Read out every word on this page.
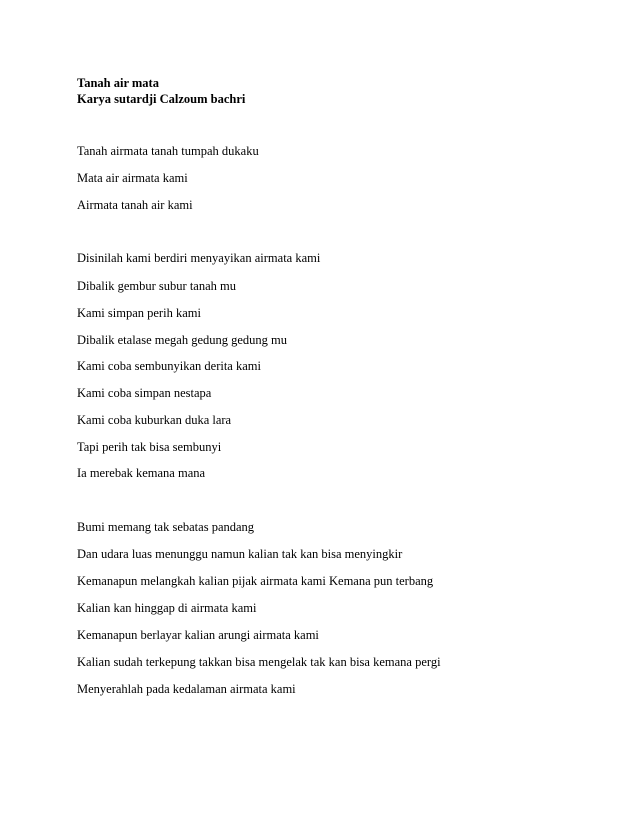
Tanah air mata
Karya sutardji Calzoum bachri
Tanah airmata tanah tumpah dukaku
Mata air airmata kami
Airmata tanah air kami
Disinilah kami berdiri menyayikan airmata kami
Dibalik gembur subur tanah mu
Kami simpan perih kami
Dibalik etalase megah gedung gedung mu
Kami coba sembunyikan derita kami
Kami coba simpan nestapa
Kami coba kuburkan duka lara
Tapi perih tak bisa sembunyi
Ia merebak kemana mana
Bumi memang tak sebatas pandang
Dan udara luas menunggu namun kalian tak kan bisa menyingkir
Kemanapun melangkah kalian pijak airmata kami Kemana pun terbang
Kalian kan hinggap di airmata kami
Kemanapun berlayar kalian arungi airmata kami
Kalian sudah terkepung takkan bisa mengelak tak kan bisa kemana pergi
Menyerahlah pada kedalaman airmata kami
